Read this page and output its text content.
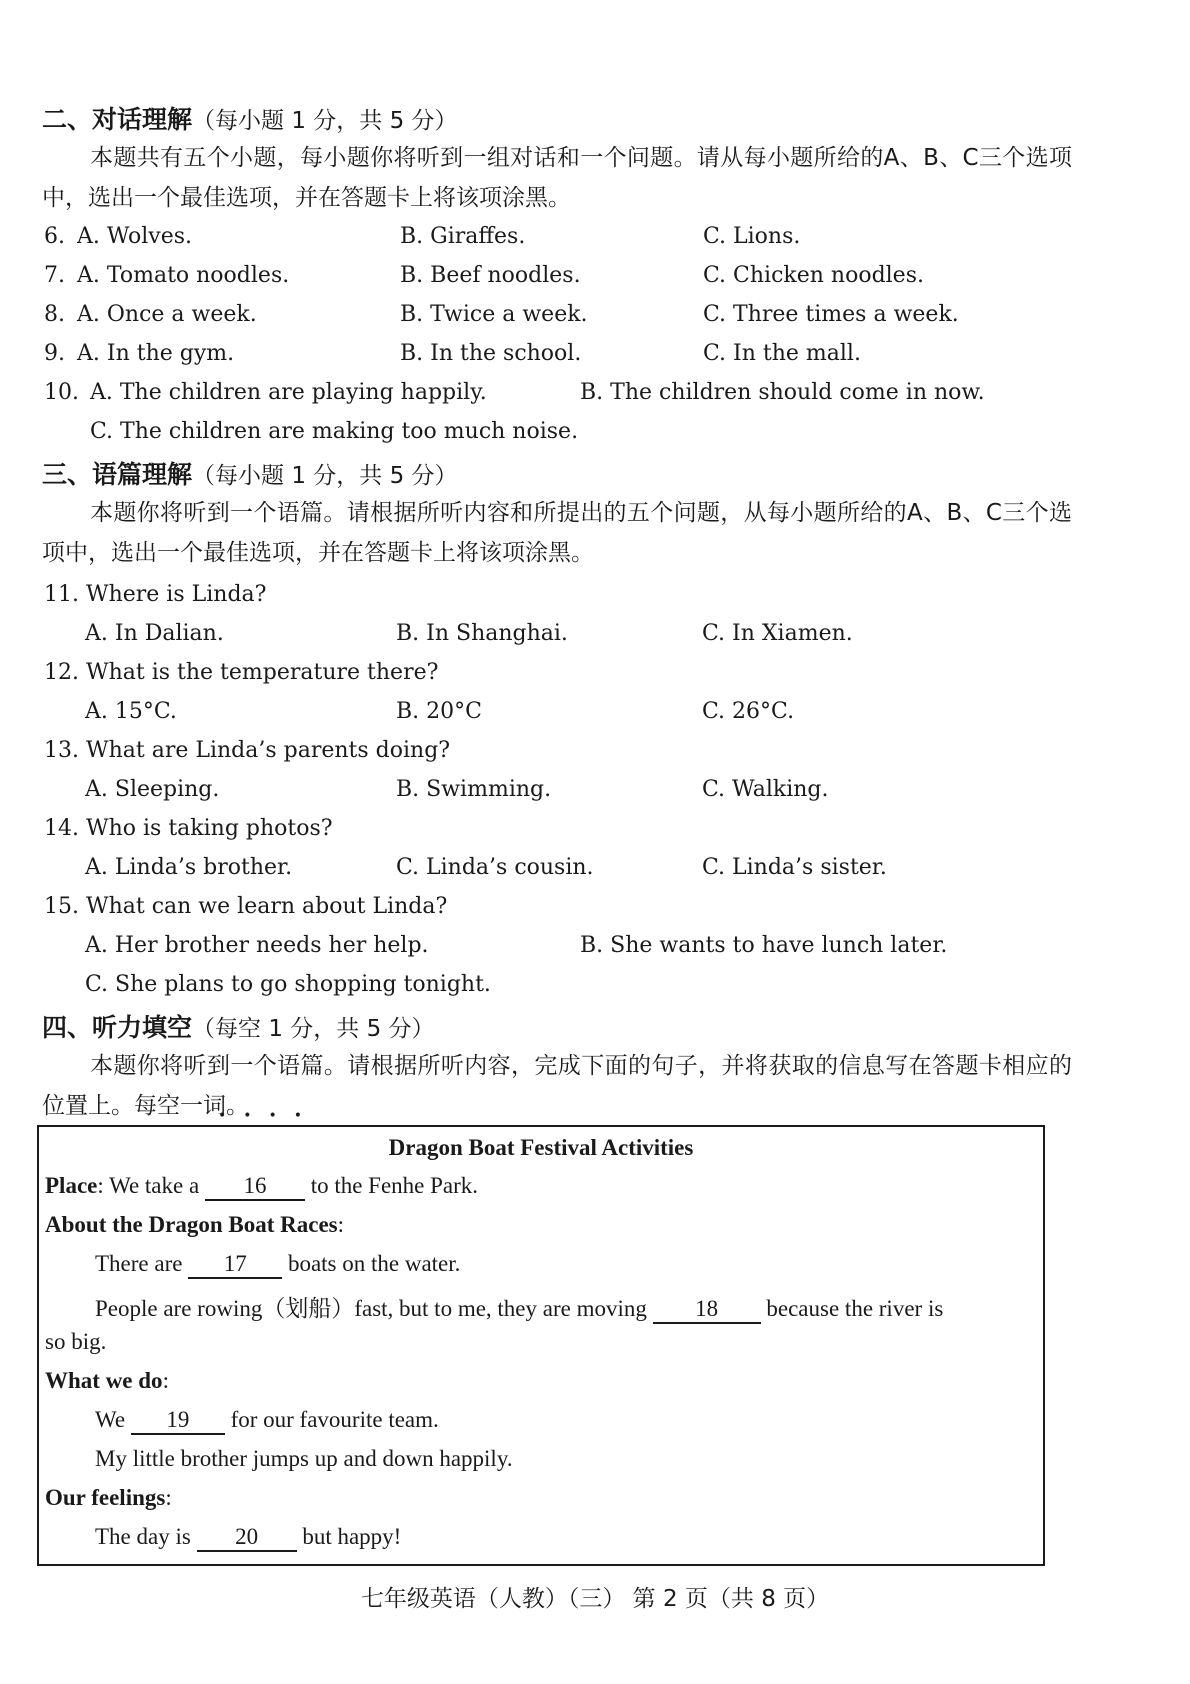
二、对话理解（每小题 1 分，共 5 分）
本题共有五个小题，每小题你将听到一组对话和一个问题。请从每小题所给的A、B、C三个选项中，选出一个最佳选项，并在答题卡上将该项涂黑。
6. A. Wolves.	B. Giraffes.	C. Lions.
7. A. Tomato noodles.	B. Beef noodles.	C. Chicken noodles.
8. A. Once a week.	B. Twice a week.	C. Three times a week.
9. A. In the gym.	B. In the school.	C. In the mall.
10. A. The children are playing happily.	B. The children should come in now.
C. The children are making too much noise.
三、语篇理解（每小题 1 分，共 5 分）
本题你将听到一个语篇。请根据所听内容和所提出的五个问题，从每小题所给的A、B、C三个选项中，选出一个最佳选项，并在答题卡上将该项涂黑。
11. Where is Linda?
A. In Dalian.	B. In Shanghai.	C. In Xiamen.
12. What is the temperature there?
A. 15°C.	B. 20°C	C. 26°C.
13. What are Linda’s parents doing?
A. Sleeping.	B. Swimming.	C. Walking.
14. Who is taking photos?
A. Linda’s brother.	C. Linda’s cousin.	C. Linda’s sister.
15. What can we learn about Linda?
A. Her brother needs her help.	B. She wants to have lunch later.
C. She plans to go shopping tonight.
四、听力填空（每空 1 分，共 5 分）
本题你将听到一个语篇。请根据所听内容，完成下面的句子，并将获取的信息写在答题卡相应的位置上。每空一词。
••••
Dragon Boat Festival Activities
Place: We take a 16 to the Fenhe Park.
About the Dragon Boat Races:
There are 17 boats on the water.
People are rowing（划船）fast, but to me, they are moving 18 because the river is
so big.
What we do:
We 19 for our favourite team.
My little brother jumps up and down happily.
Our feelings:
The day is 20 but happy!
七年级英语（人教）（三） 第 2 页（共 8 页）
